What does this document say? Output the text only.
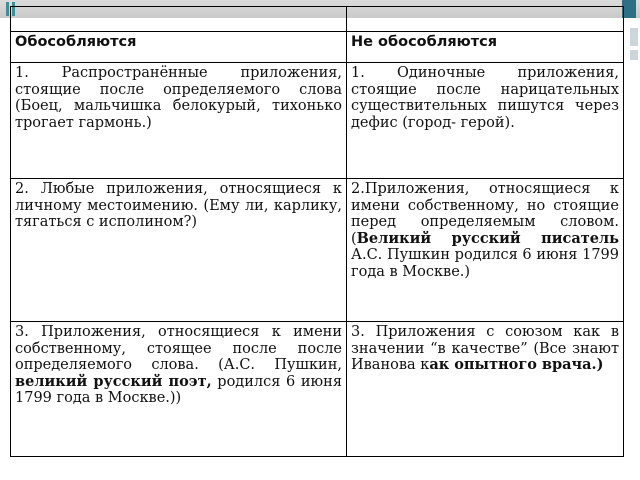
Обособляются	Не обособляются
1. Распространённые приложения, стоящие после определяемого слова (Боец, мальчишка белокурый, тихонько трогает гармонь.)	1. Одиночные приложения, стоящие после нарицательных существительных пишутся через дефис (город- герой).
2. Любые приложения, относящиеся к личному местоимению. (Ему ли, карлику, тягаться с исполином?)	2.Приложения, относящиеся к имени собственному, но стоящие перед определяемым словом. (Великий русский писатель А.С. Пушкин родился 6 июня 1799 года в Москве.)
3. Приложения, относящиеся к имени собственному, стоящее после после определяемого слова. (А.С. Пушкин, великий русский поэт, родился 6 июня 1799 года в Москве.))	3. Приложения с союзом как в значении “в качестве” (Все знают Иванова как опытного врача.)
